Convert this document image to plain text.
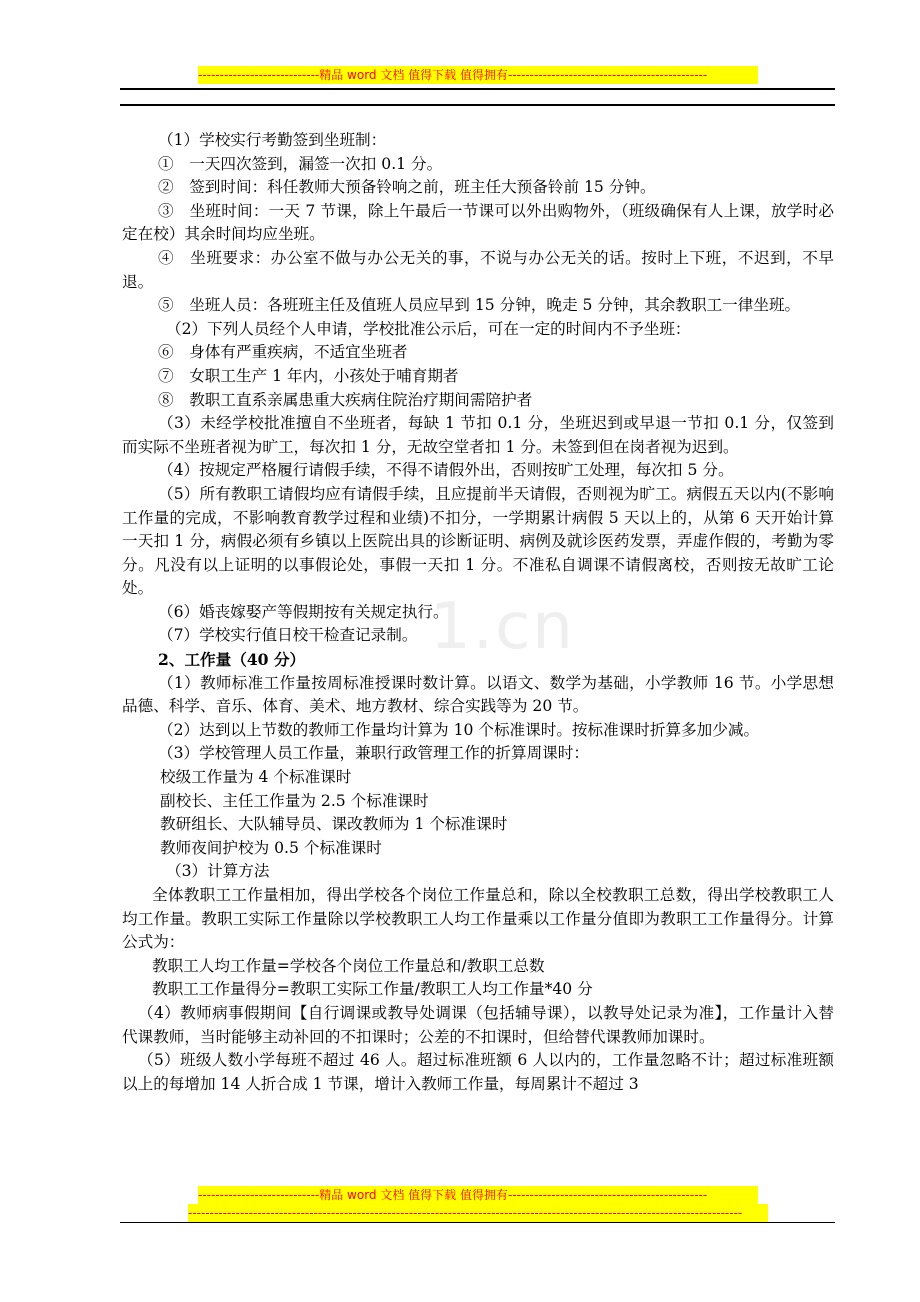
----------------------------精品 word 文档 值得下载 值得拥有----------------------------------------------
1.cn

（1）学校实行考勤签到坐班制：

①　一天四次签到，漏签一次扣 0.1 分。

②　签到时间：科任教师大预备铃响之前，班主任大预备铃前 15 分钟。

③　坐班时间：一天 7 节课，除上午最后一节课可以外出购物外，（班级确保有人上课，放学时必定在校）其余时间均应坐班。

④　坐班要求：办公室不做与办公无关的事，不说与办公无关的话。按时上下班，不迟到，不早退。

⑤　坐班人员：各班班主任及值班人员应早到 15 分钟，晚走 5 分钟，其余教职工一律坐班。

（2）下列人员经个人申请，学校批准公示后，可在一定的时间内不予坐班：

⑥　身体有严重疾病，不适宜坐班者

⑦　女职工生产 1 年内，小孩处于哺育期者

⑧　教职工直系亲属患重大疾病住院治疗期间需陪护者

（3）未经学校批准擅自不坐班者，每缺 1 节扣 0.1 分，坐班迟到或早退一节扣 0.1 分，仅签到而实际不坐班者视为旷工，每次扣 1 分，无故空堂者扣 1 分。未签到但在岗者视为迟到。

（4）按规定严格履行请假手续，不得不请假外出，否则按旷工处理，每次扣 5 分。

（5）所有教职工请假均应有请假手续，且应提前半天请假，否则视为旷工。病假五天以内(不影响工作量的完成，不影响教育教学过程和业绩)不扣分，一学期累计病假 5 天以上的，从第 6 天开始计算一天扣 1 分，病假必须有乡镇以上医院出具的诊断证明、病例及就诊医药发票，弄虚作假的，考勤为零分。凡没有以上证明的以事假论处，事假一天扣 1 分。不准私自调课不请假离校，否则按无故旷工论处。

（6）婚丧嫁娶产等假期按有关规定执行。

（7）学校实行值日校干检查记录制。

2、工作量（40 分）

（1）教师标准工作量按周标准授课时数计算。以语文、数学为基础，小学教师 16 节。小学思想品德、科学、音乐、体育、美术、地方教材、综合实践等为 20 节。

（2）达到以上节数的教师工作量均计算为 10 个标准课时。按标准课时折算多加少减。

（3）学校管理人员工作量，兼职行政管理工作的折算周课时：

校级工作量为 4 个标准课时

副校长、主任工作量为 2.5 个标准课时

教研组长、大队辅导员、课改教师为 1 个标准课时

教师夜间护校为 0.5 个标准课时

（3）计算方法

全体教职工工作量相加，得出学校各个岗位工作量总和，除以全校教职工总数，得出学校教职工人均工作量。教职工实际工作量除以学校教职工人均工作量乘以工作量分值即为教职工工作量得分。计算公式为：

教职工人均工作量=学校各个岗位工作量总和/教职工总数

教职工工作量得分=教职工实际工作量/教职工人均工作量*40 分

（4）教师病事假期间【自行调课或教导处调课（包括辅导课），以教导处记录为准】，工作量计入替代课教师，当时能够主动补回的不扣课时；公差的不扣课时，但给替代课教师加课时。

（5）班级人数小学每班不超过 46 人。超过标准班额 6 人以内的，工作量忽略不计；超过标准班额以上的每增加 14 人折合成 1 节课，增计入教师工作量，每周累计不超过 3

----------------------------精品 word 文档 值得下载 值得拥有----------------------------------------------
--------------------------------------------------------------------------------------------------------------------------------
